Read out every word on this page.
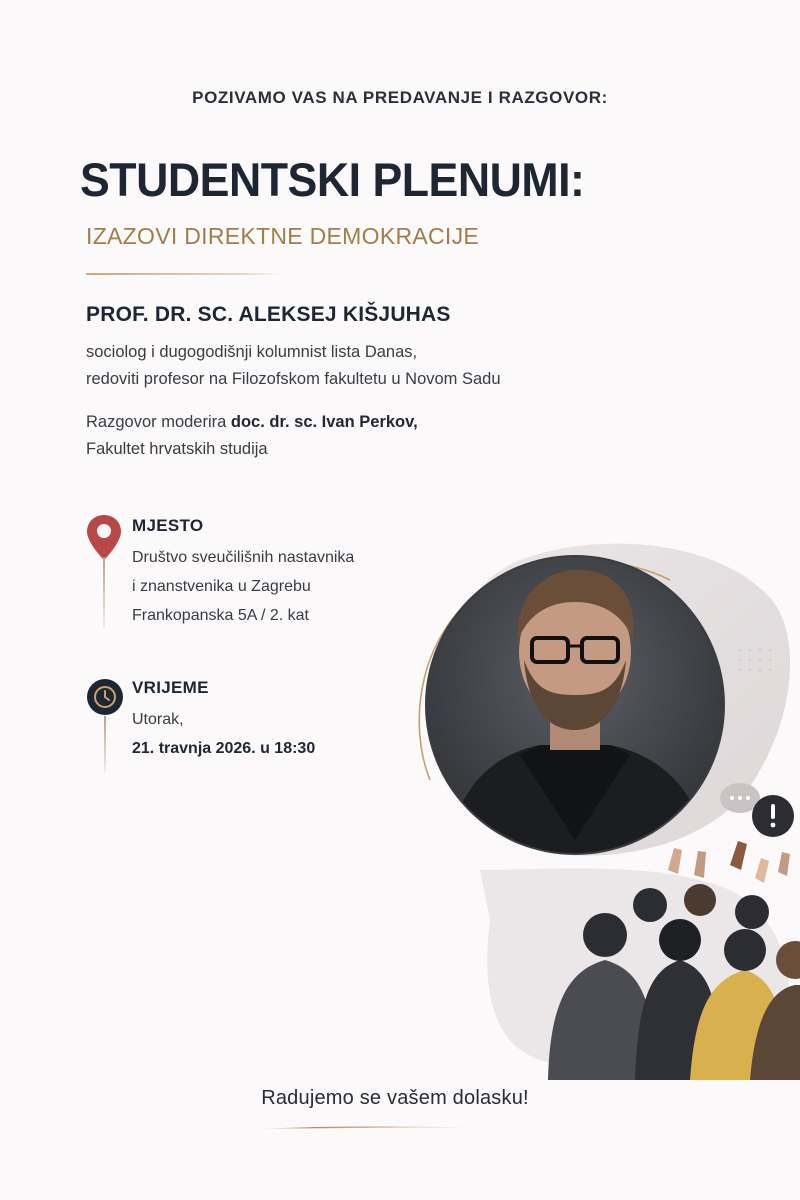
POZIVAMO VAS NA PREDAVANJE I RAZGOVOR:
STUDENTSKI PLENUMI:
IZAZOVI DIREKTNE DEMOKRACIJE
PROF. DR. SC. ALEKSEJ KIŠJUHAS
sociolog i dugogodišnji kolumnist lista Danas,
redoviti profesor na Filozofskom fakultetu u Novom Sadu
Razgovor moderira doc. dr. sc. Ivan Perkov,
Fakultet hrvatskih studija
MJESTO
Društvo sveučilišnih nastavnika
i znanstvenika u Zagrebu
Frankopanska 5A / 2. kat
VRIJEME
Utorak,
21. travnja 2026. u 18:30
Radujemo se vašem dolasku!
